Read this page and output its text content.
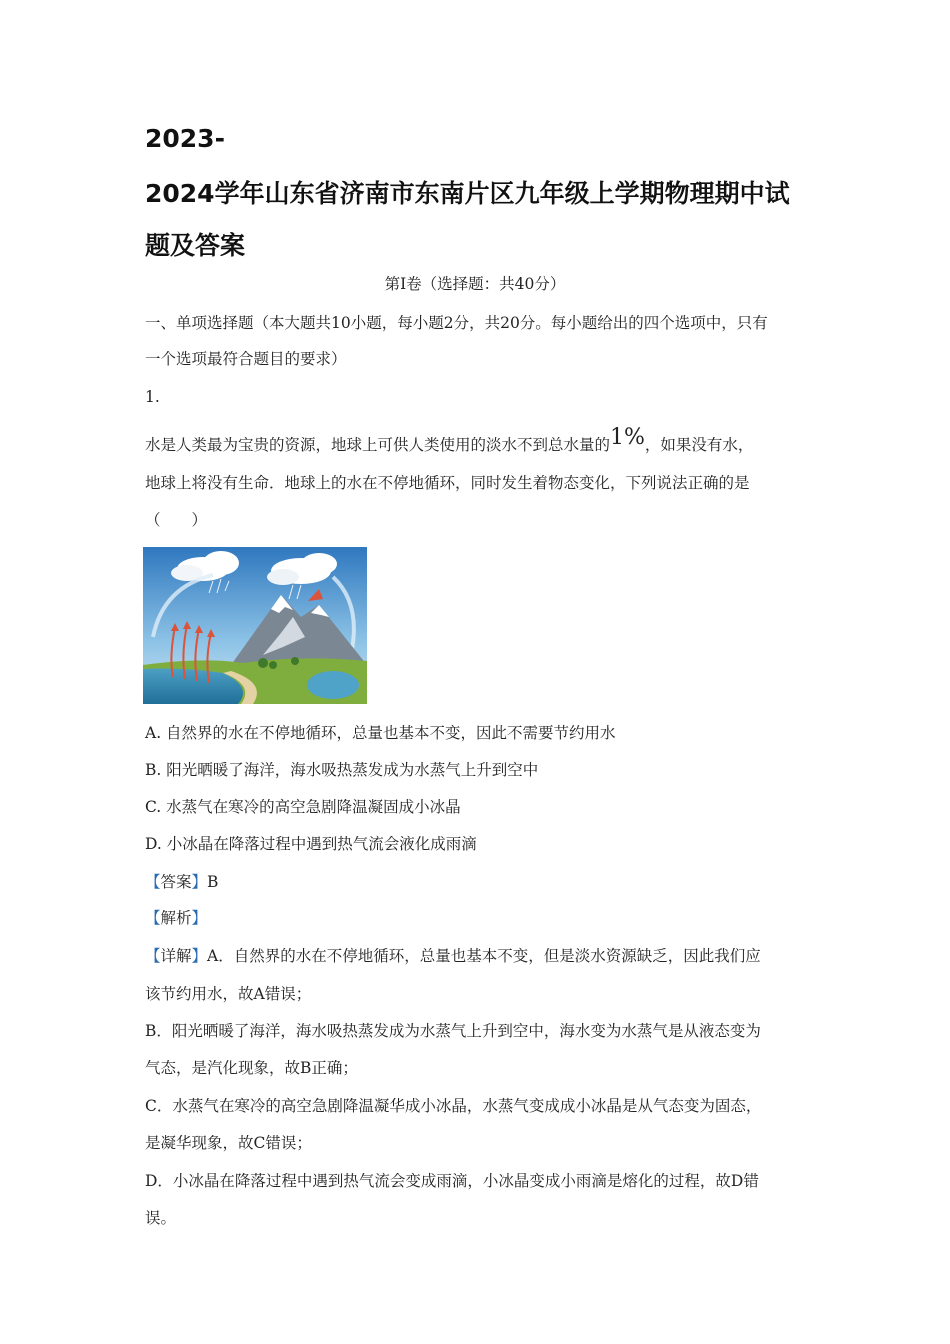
2023-
2024学年山东省济南市东南片区九年级上学期物理期中试
题及答案
第Ⅰ卷（选择题：共40分）
一、单项选择题（本大题共10小题，每小题2分，共20分。每小题给出的四个选项中，只有
一个选项最符合题目的要求）
1.
水是人类最为宝贵的资源，地球上可供人类使用的淡水不到总水量的1%，如果没有水，
地球上将没有生命．地球上的水在不停地循环，同时发生着物态变化，下列说法正确的是
（　　）
A. 自然界的水在不停地循环，总量也基本不变，因此不需要节约用水
B. 阳光晒暖了海洋，海水吸热蒸发成为水蒸气上升到空中
C. 水蒸气在寒冷的高空急剧降温凝固成小冰晶
D. 小冰晶在降落过程中遇到热气流会液化成雨滴
【答案】B
【解析】
【详解】A．自然界的水在不停地循环，总量也基本不变，但是淡水资源缺乏，因此我们应
该节约用水，故A错误；
B．阳光晒暖了海洋，海水吸热蒸发成为水蒸气上升到空中，海水变为水蒸气是从液态变为
气态，是汽化现象，故B正确；
C．水蒸气在寒冷的高空急剧降温凝华成小冰晶，水蒸气变成成小冰晶是从气态变为固态，
是凝华现象，故C错误；
D．小冰晶在降落过程中遇到热气流会变成雨滴，小冰晶变成小雨滴是熔化的过程，故D错
误。
